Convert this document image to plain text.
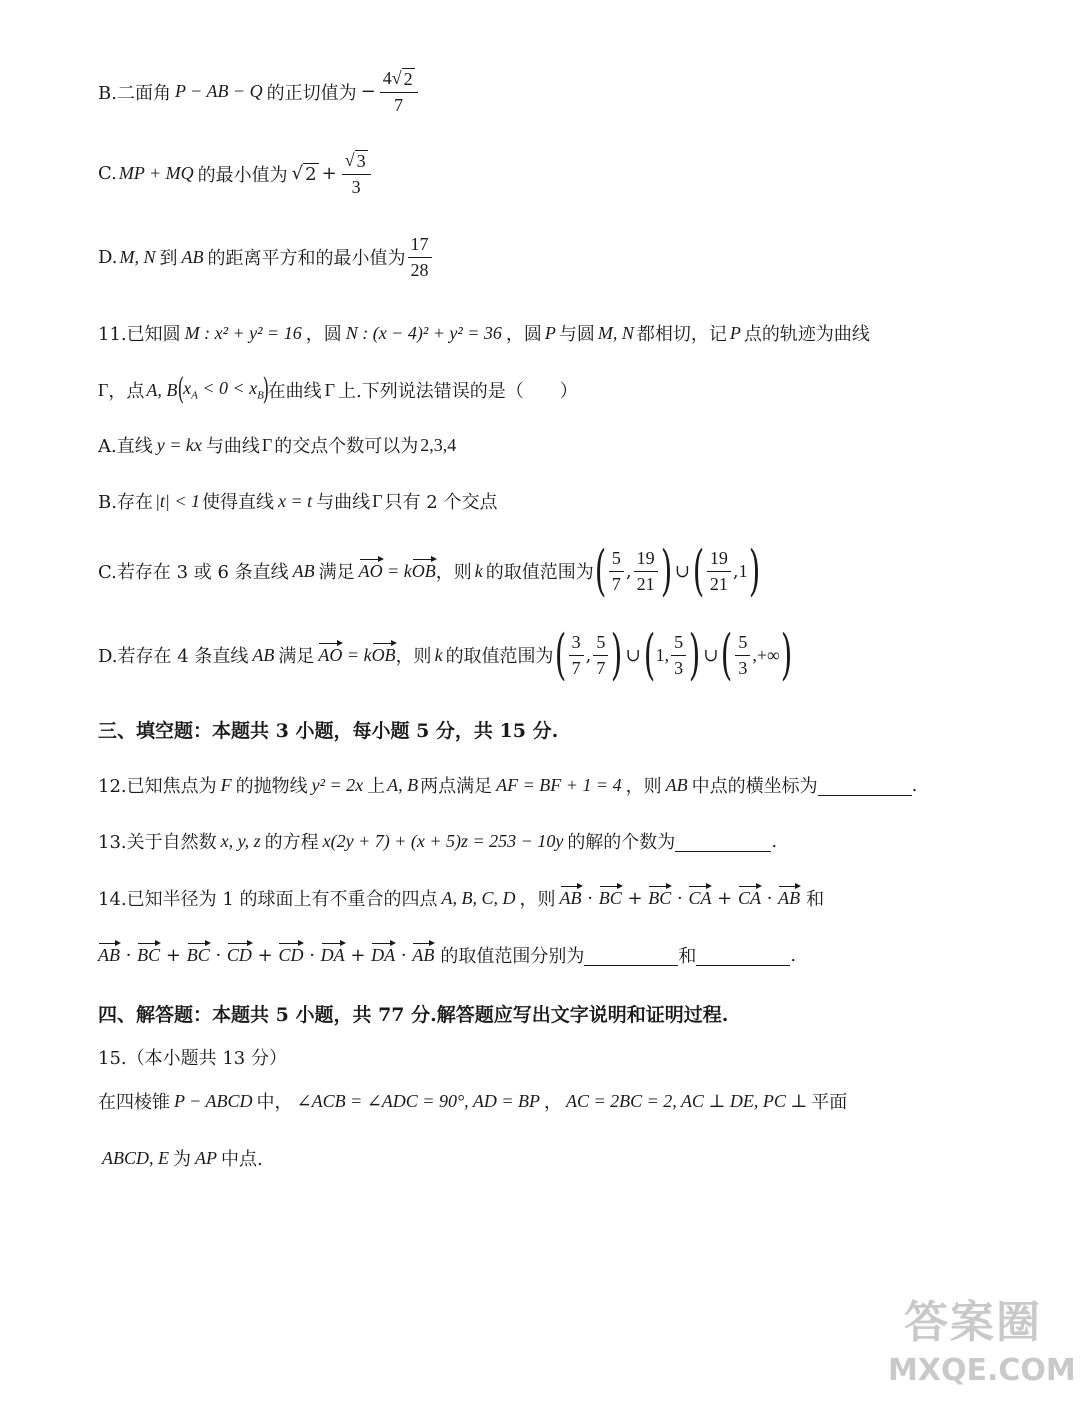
B.二面角 P − AB − Q 的正切值为 − $\frac{4√ 2}{7}$
C. MP + MQ 的最小值为 √ $2 + \frac{√ 3}{3}$
D. M, N 到 AB 的距离平方和的最小值为 $\frac{17}{28}$
11.已知圆 M : x² + y² = 16 ，圆 N : (x − 4)² + y² = 36 ，圆 P 与圆 M, N 都相切，记 P 点的轨迹为曲线
Γ ，点 A, B (
$x_A < 0 < x_B$
)
在曲线 Γ 上.下列说法错误的是（　　）
A.直线 y = kx 与曲线 Γ 的交点个数可以为 2,3,4
B.存在 |t| < 1 使得直线 x = t 与曲线 Γ 只有 2 个交点
C.若存在 3 或 6 条直线 AB 满足 AO = kOB ，则 k 的取值范围为 ( $\frac{5}{7}$ , $\frac{19}{21}$ ) ∪ ( $\frac{19}{21}$ , 1 )
D.若存在 4 条直线 AB 满足 AO = kOB ，则 k 的取值范围为 ( $\frac{3}{7}$ , $\frac{5}{7}$ ) ∪ ( 1, $\frac{5}{3}$ ) ∪ ( $\frac{5}{3}$ ,+∞ )
三、填空题：本题共 3 小题，每小题 5 分，共 15 分.
12.已知焦点为 F 的抛物线 y² = 2x 上 A, B 两点满足 AF = BF + 1 = 4 ，则 AB 中点的横坐标为	.
13.关于自然数 x, y, z 的方程 x(2y + 7) + (x + 5)z = 253 − 10y 的解的个数为	.
14.已知半径为 1 的球面上有不重合的四点 A, B, C, D ，则 AB · BC + BC · CA + CA · AB 和
AB · BC + BC · CD + CD · DA + DA · AB 的取值范围分别为	和	.
四、解答题：本题共 5 小题，共 77 分.解答题应写出文字说明和证明过程.
15.（本小题共 13 分）
在四棱锥 P − ABCD 中， ∠ACB = ∠ADC = 90°, AD = BP ， AC = 2BC = 2, AC ⊥ DE, PC ⊥ 平面
ABCD, E 为 AP 中点.
答案圈
MXQE.COM
